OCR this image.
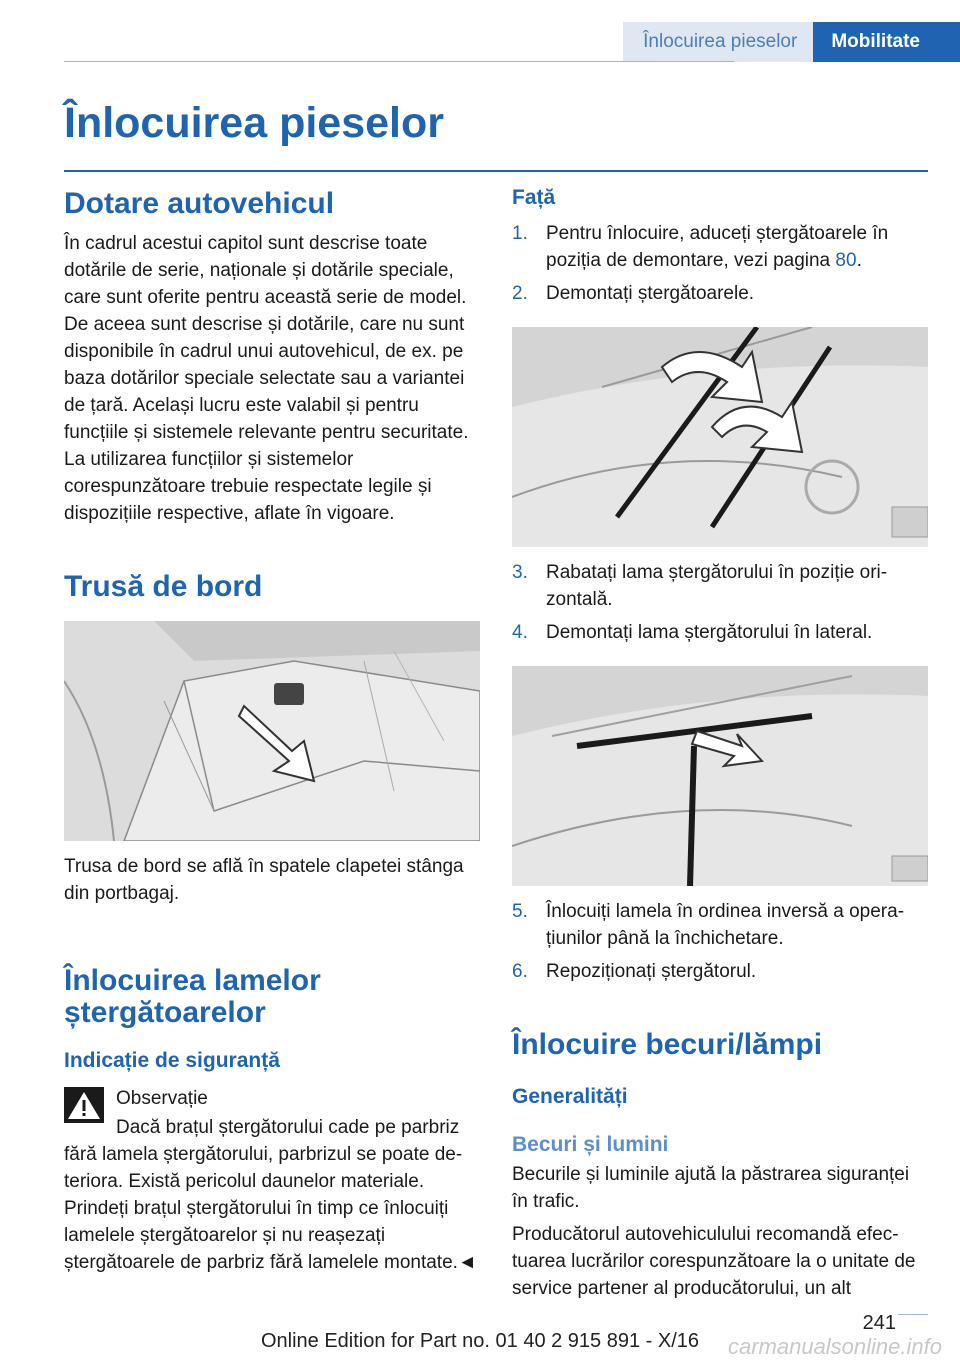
Înlocuirea pieselor	Mobilitate
Înlocuirea pieselor
Dotare autovehicul

În cadrul acestui capitol sunt descrise toate dotările de serie, naționale și dotările speciale, care sunt oferite pentru această serie de model. De aceea sunt descrise și dotările, care nu sunt disponibile în cadrul unui autovehicul, de ex. pe baza dotărilor speciale selectate sau a variantei de țară. Același lucru este valabil și pentru funcțiile și sistemele relevante pentru securitate. La utilizarea funcțiilor și sistemelor corespunzătoare trebuie respectate legile și dispozițiile respective, aflate în vigoare.

Trusă de bord

Trusa de bord se află în spatele clapetei stânga din portbagaj.

Înlocuirea lamelor
ștergătoarelor
Indicație de siguranță

Observație

Dacă brațul ștergătorului cade pe parbriz fără lamela ștergătorului, parbrizul se poate deteriora. Există pericolul daunelor materiale. Prindeți brațul ștergătorului în timp ce înlocuiți lamelele ștergătoarelor și nu reașezați ștergătoarele de parbriz fără lamelele montate.◄

Față
1. Pentru înlocuire, aduceți ștergătoarele în poziția de demontare, vezi pagina 80.
2. Demontați ștergătoarele.
3. Rabatați lama ștergătorului în poziție orizontală.
4. Demontați lama ștergătorului în lateral.
5. Înlocuiți lamela în ordinea inversă a operațiunilor până la închichetare.
6. Repoziționați ștergătorul.
Înlocuire becuri/lămpi
Generalități
Becuri și lumini

Becurile și luminile ajută la păstrarea siguranței în trafic.

Producătorul autovehiculului recomandă efectuarea lucrărilor corespunzătoare la o unitate de service partener al producătorului, un alt

241
Online Edition for Part no. 01 40 2 915 891 - X/16	carmanualsonline.info
